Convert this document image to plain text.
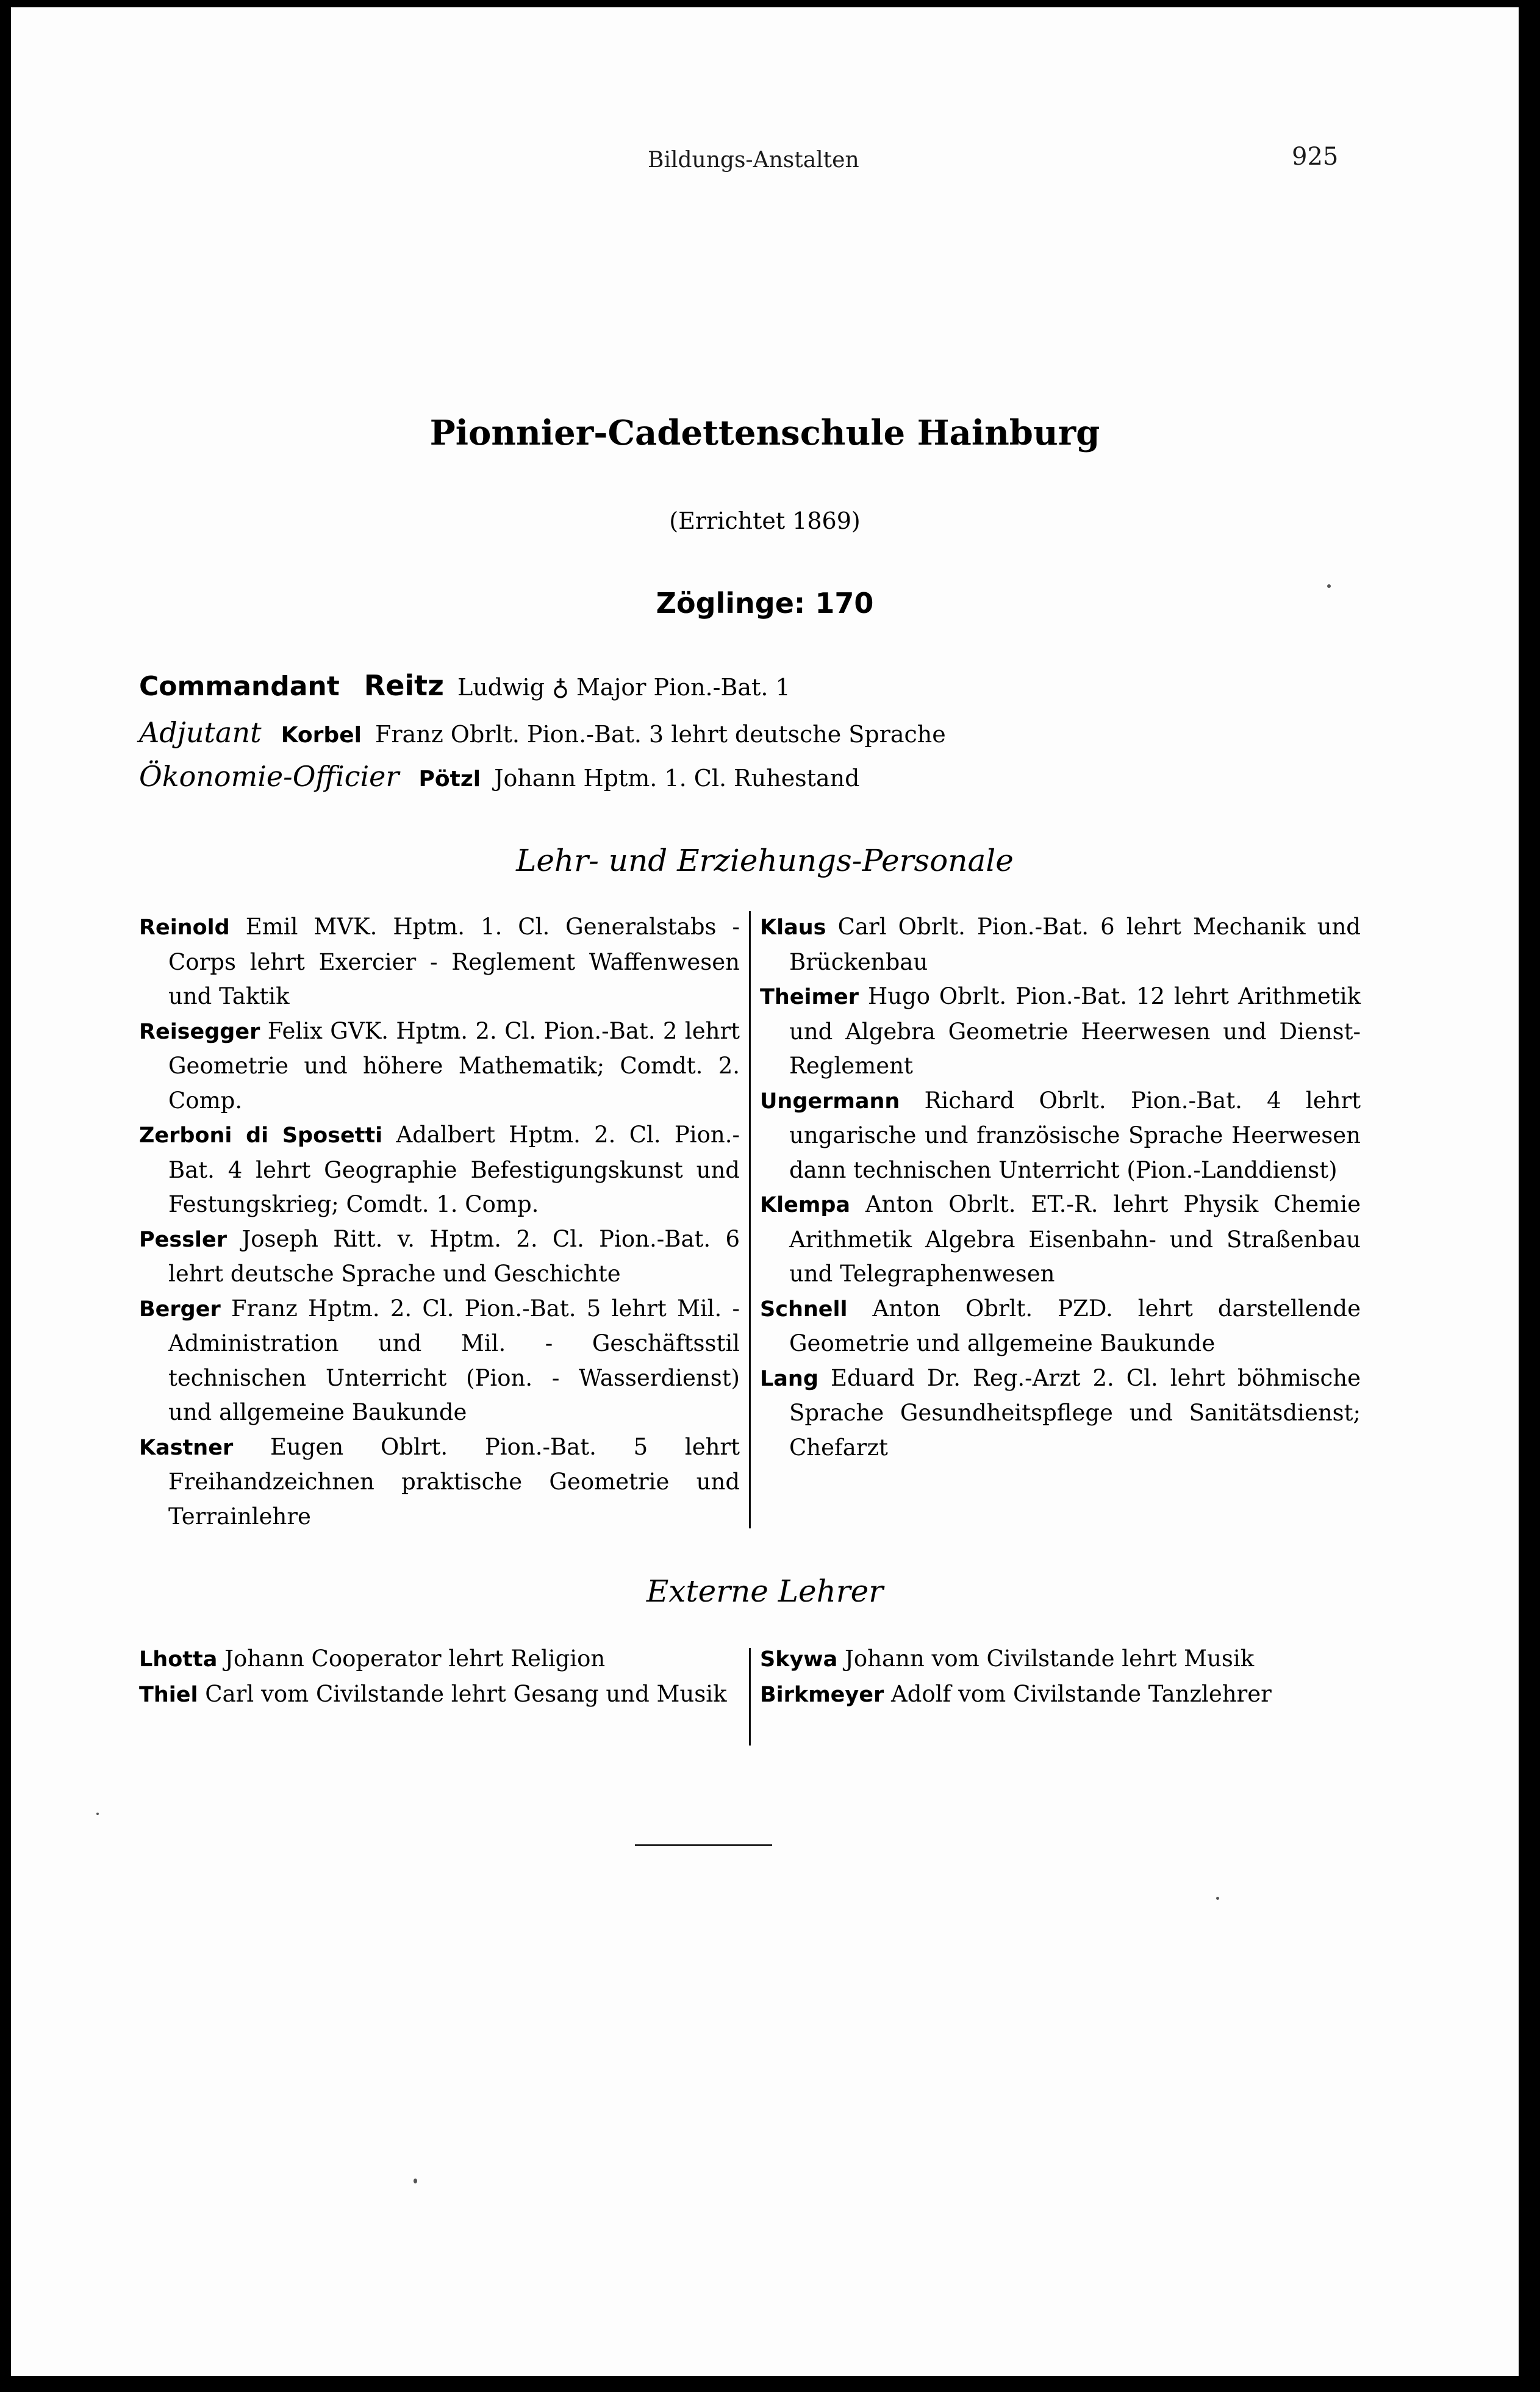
Bildungs-Anstalten	925
Pionnier-Cadettenschule Hainburg
(Errichtet 1869)
Zöglinge: 170
Commandant Reitz Ludwig ♁ Major Pion.-Bat. 1
Adjutant Korbel Franz Obrlt. Pion.-Bat. 3 lehrt deutsche Sprache
Ökonomie-Officier Pötzl Johann Hptm. 1. Cl. Ruhestand
Lehr- und Erziehungs-Personale

Reinold Emil MVK. Hptm. 1. Cl. Generalstabs - Corps lehrt Exercier - Reglement Waffenwesen und Taktik

Reisegger Felix GVK. Hptm. 2. Cl. Pion.-Bat. 2 lehrt Geometrie und höhere Mathematik; Comdt. 2. Comp.

Zerboni di Sposetti Adalbert Hptm. 2. Cl. Pion.-Bat. 4 lehrt Geographie Befestigungskunst und Festungskrieg; Comdt. 1. Comp.

Pessler Joseph Ritt. v. Hptm. 2. Cl. Pion.-Bat. 6 lehrt deutsche Sprache und Geschichte

Berger Franz Hptm. 2. Cl. Pion.-Bat. 5 lehrt Mil. - Administration und Mil. - Geschäftsstil technischen Unterricht (Pion. - Wasserdienst) und allgemeine Baukunde

Kastner Eugen Oblrt. Pion.-Bat. 5 lehrt Freihandzeichnen praktische Geometrie und Terrainlehre

Klaus Carl Obrlt. Pion.-Bat. 6 lehrt Mechanik und Brückenbau

Theimer Hugo Obrlt. Pion.-Bat. 12 lehrt Arithmetik und Algebra Geometrie Heerwesen und Dienst-Reglement

Ungermann Richard Obrlt. Pion.-Bat. 4 lehrt ungarische und französische Sprache Heerwesen dann technischen Unterricht (Pion.-Landdienst)

Klempa Anton Obrlt. ET.-R. lehrt Physik Chemie Arithmetik Algebra Eisenbahn- und Straßenbau und Telegraphenwesen

Schnell Anton Obrlt. PZD. lehrt darstellende Geometrie und allgemeine Baukunde

Lang Eduard Dr. Reg.-Arzt 2. Cl. lehrt böhmische Sprache Gesundheitspflege und Sanitätsdienst; Chefarzt

Externe Lehrer

Lhotta Johann Cooperator lehrt Religion

Thiel Carl vom Civilstande lehrt Gesang und Musik

Skywa Johann vom Civilstande lehrt Musik

Birkmeyer Adolf vom Civilstande Tanzlehrer
